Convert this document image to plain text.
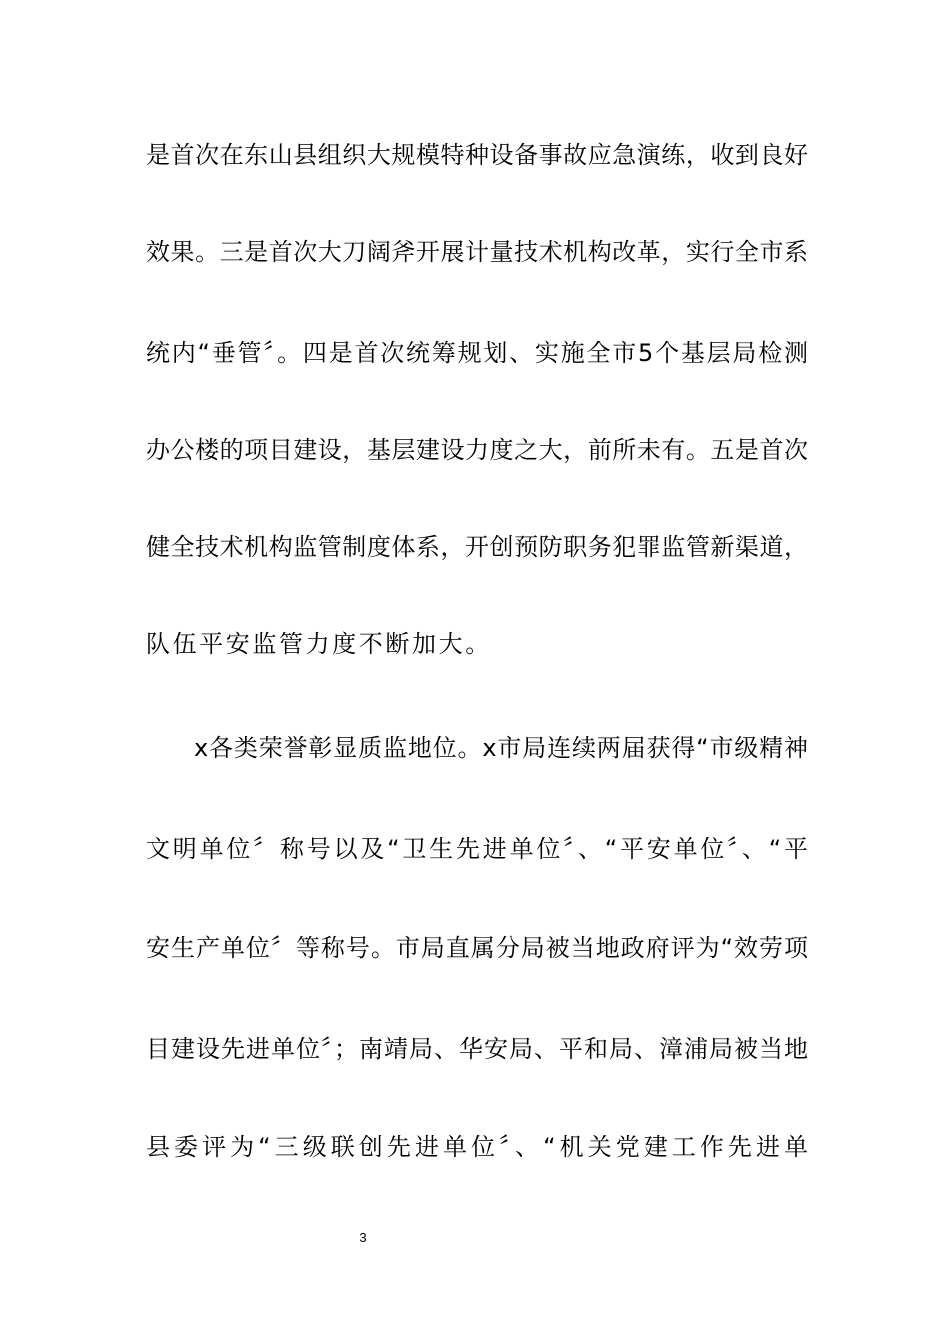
是首次在东山县组织大规模特种设备事故应急演练，收到良好
效果。三是首次大刀阔斧开展计量技术机构改革，实行全市系
统内“垂管〞。四是首次统筹规划、实施全市5个基层局检测
办公楼的项目建设，基层建设力度之大，前所未有。五是首次
健全技术机构监管制度体系，开创预防职务犯罪监管新渠道，
队伍平安监管力度不断加大。
x各类荣誉彰显质监地位。x市局连续两届获得“市级精神
文明单位〞称号以及“卫生先进单位〞、“平安单位〞、“平
安生产单位〞等称号。市局直属分局被当地政府评为“效劳项
目建设先进单位〞；南靖局、华安局、平和局、漳浦局被当地
县委评为“三级联创先进单位〞、“机关党建工作先进单
3
